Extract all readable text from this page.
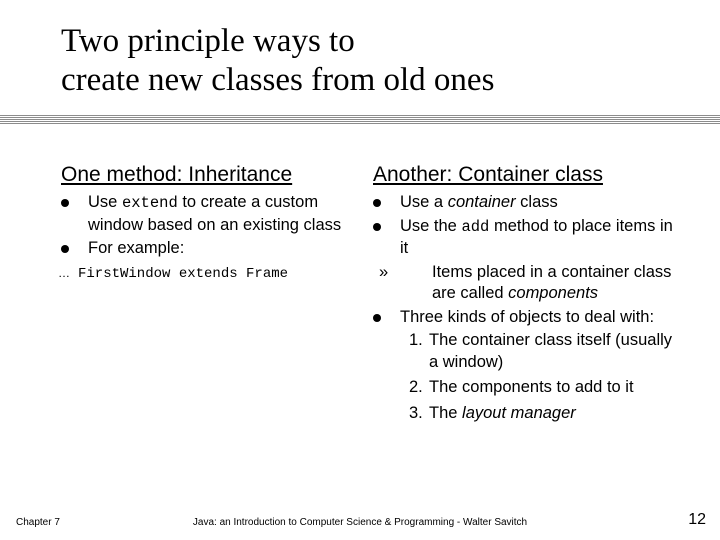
Two principle ways to
create new classes from old ones
One method: Inheritance
Use extend to create a custom window based on an existing class
For example:
… FirstWindow extends Frame
Another: Container class
Use a container class
Use the add method to place items in it
»	Items placed in a container class are called components
Three kinds of objects to deal with:
1. The container class itself (usually a window)
2. The components to add to it
3. The layout manager
Chapter 7	Java: an Introduction to Computer Science & Programming - Walter Savitch	12
